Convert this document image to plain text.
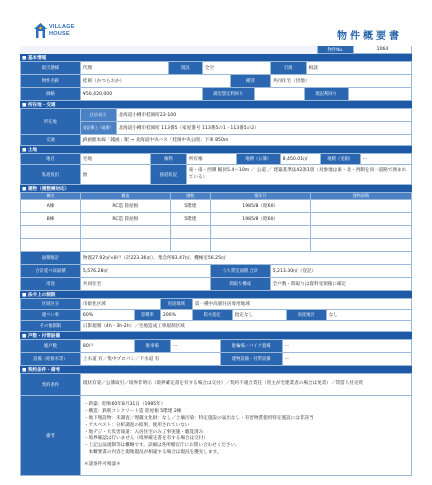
VILLAGE
HOUSE	物件概要書
物件No.	1064
■ 基本情報
取引態様	代理	現況	全空	引渡	相談
物件名称	桂岡（かつらおか）	種別	共同住宅（団地）
価格	¥50,420,000	満室想定利回り	現況利回り
■ 所在地・交通
所在地
住居表示	北海道小樽市桂岡町23-100
登記簿上（地番）	北海道小樽市桂岡町 113番5（家屋番号 113番5の1・113番5の2）
交通	JR函館本線「銭函」駅 → 北海道中央バス「桂岡中央公園」下車 850m
■ 土地
地目	宅地	権利	所有権	地積（公簿）	8,450.01㎡	地積（実測）	ー
私道負担	無	接道状況
東・南・西側 幅員5.4〜10m ／ 公道 ／ 建築基準法42条1項（対象地は東・北・西側を同一道路で囲まれている）
■ 建物（複数棟対応）
棟名	構造	階数	築年月	建物面積
A棟	RC造 陸屋根	5階建	1985/8（昭60）
B棟	RC造 陸屋根	5階建	1985/8（昭60）
面積総計	物置27.92㎡×8戸（計223.36㎡）、集会所83.47㎡、機械室56.25㎡
合計延べ床面積	5,576.28㎡	うち貸室面積 合計	5,213.30㎡（登記）
用途	共同住宅	間取り構成	全戸数・間取りは資料受領後に確定
■ 法令上の制限
区域区分	市街化区域	用途地域	第一種中高層住居専用地域
建ぺい率	60%	容積率	200%	防火指定	指定なし	高度地区	なし
その他制限	日影規制（4h・3h-2h）／宅地造成工事規制区域
■ 戸数・付帯設備
総戸数	80戸	駐車場	ー	駐輪場／バイク置場	ー
設備（給排水等）	上水道 有／集中プロパン／下水道 有	建物設備・付帯設備	ー
■ 契約条件・備考
契約条件	現状有姿／公簿取引／境界非明示（境界確定書を有する場合は交付）／契約不適合責任（買主が宅建業者の場合は免責）／賃借人付売買
備考
・新築：昭和60年8月31日（1985年）
・構造：鉄筋コンクリート造 陸屋根 5階建 2棟
・地下埋設物：未調査／埋蔵文化財：なし／土壌汚染：特定施設の届出なし・有害物質使用特定施設には非該当
・アスベスト：分析調査の結果、使用されていない
・地デジ・大災害報道：入居住宅のみ工事実施・聴覚済み
・境界確認は行いません（境界確定書を有する場合は交付）
・上記公法規制等は概略です。詳細は各所轄官庁にお問い合わせください。
　本概要書の内容と現地現況が相違する場合は現況を優先します。
＊諸条件可相談＊
